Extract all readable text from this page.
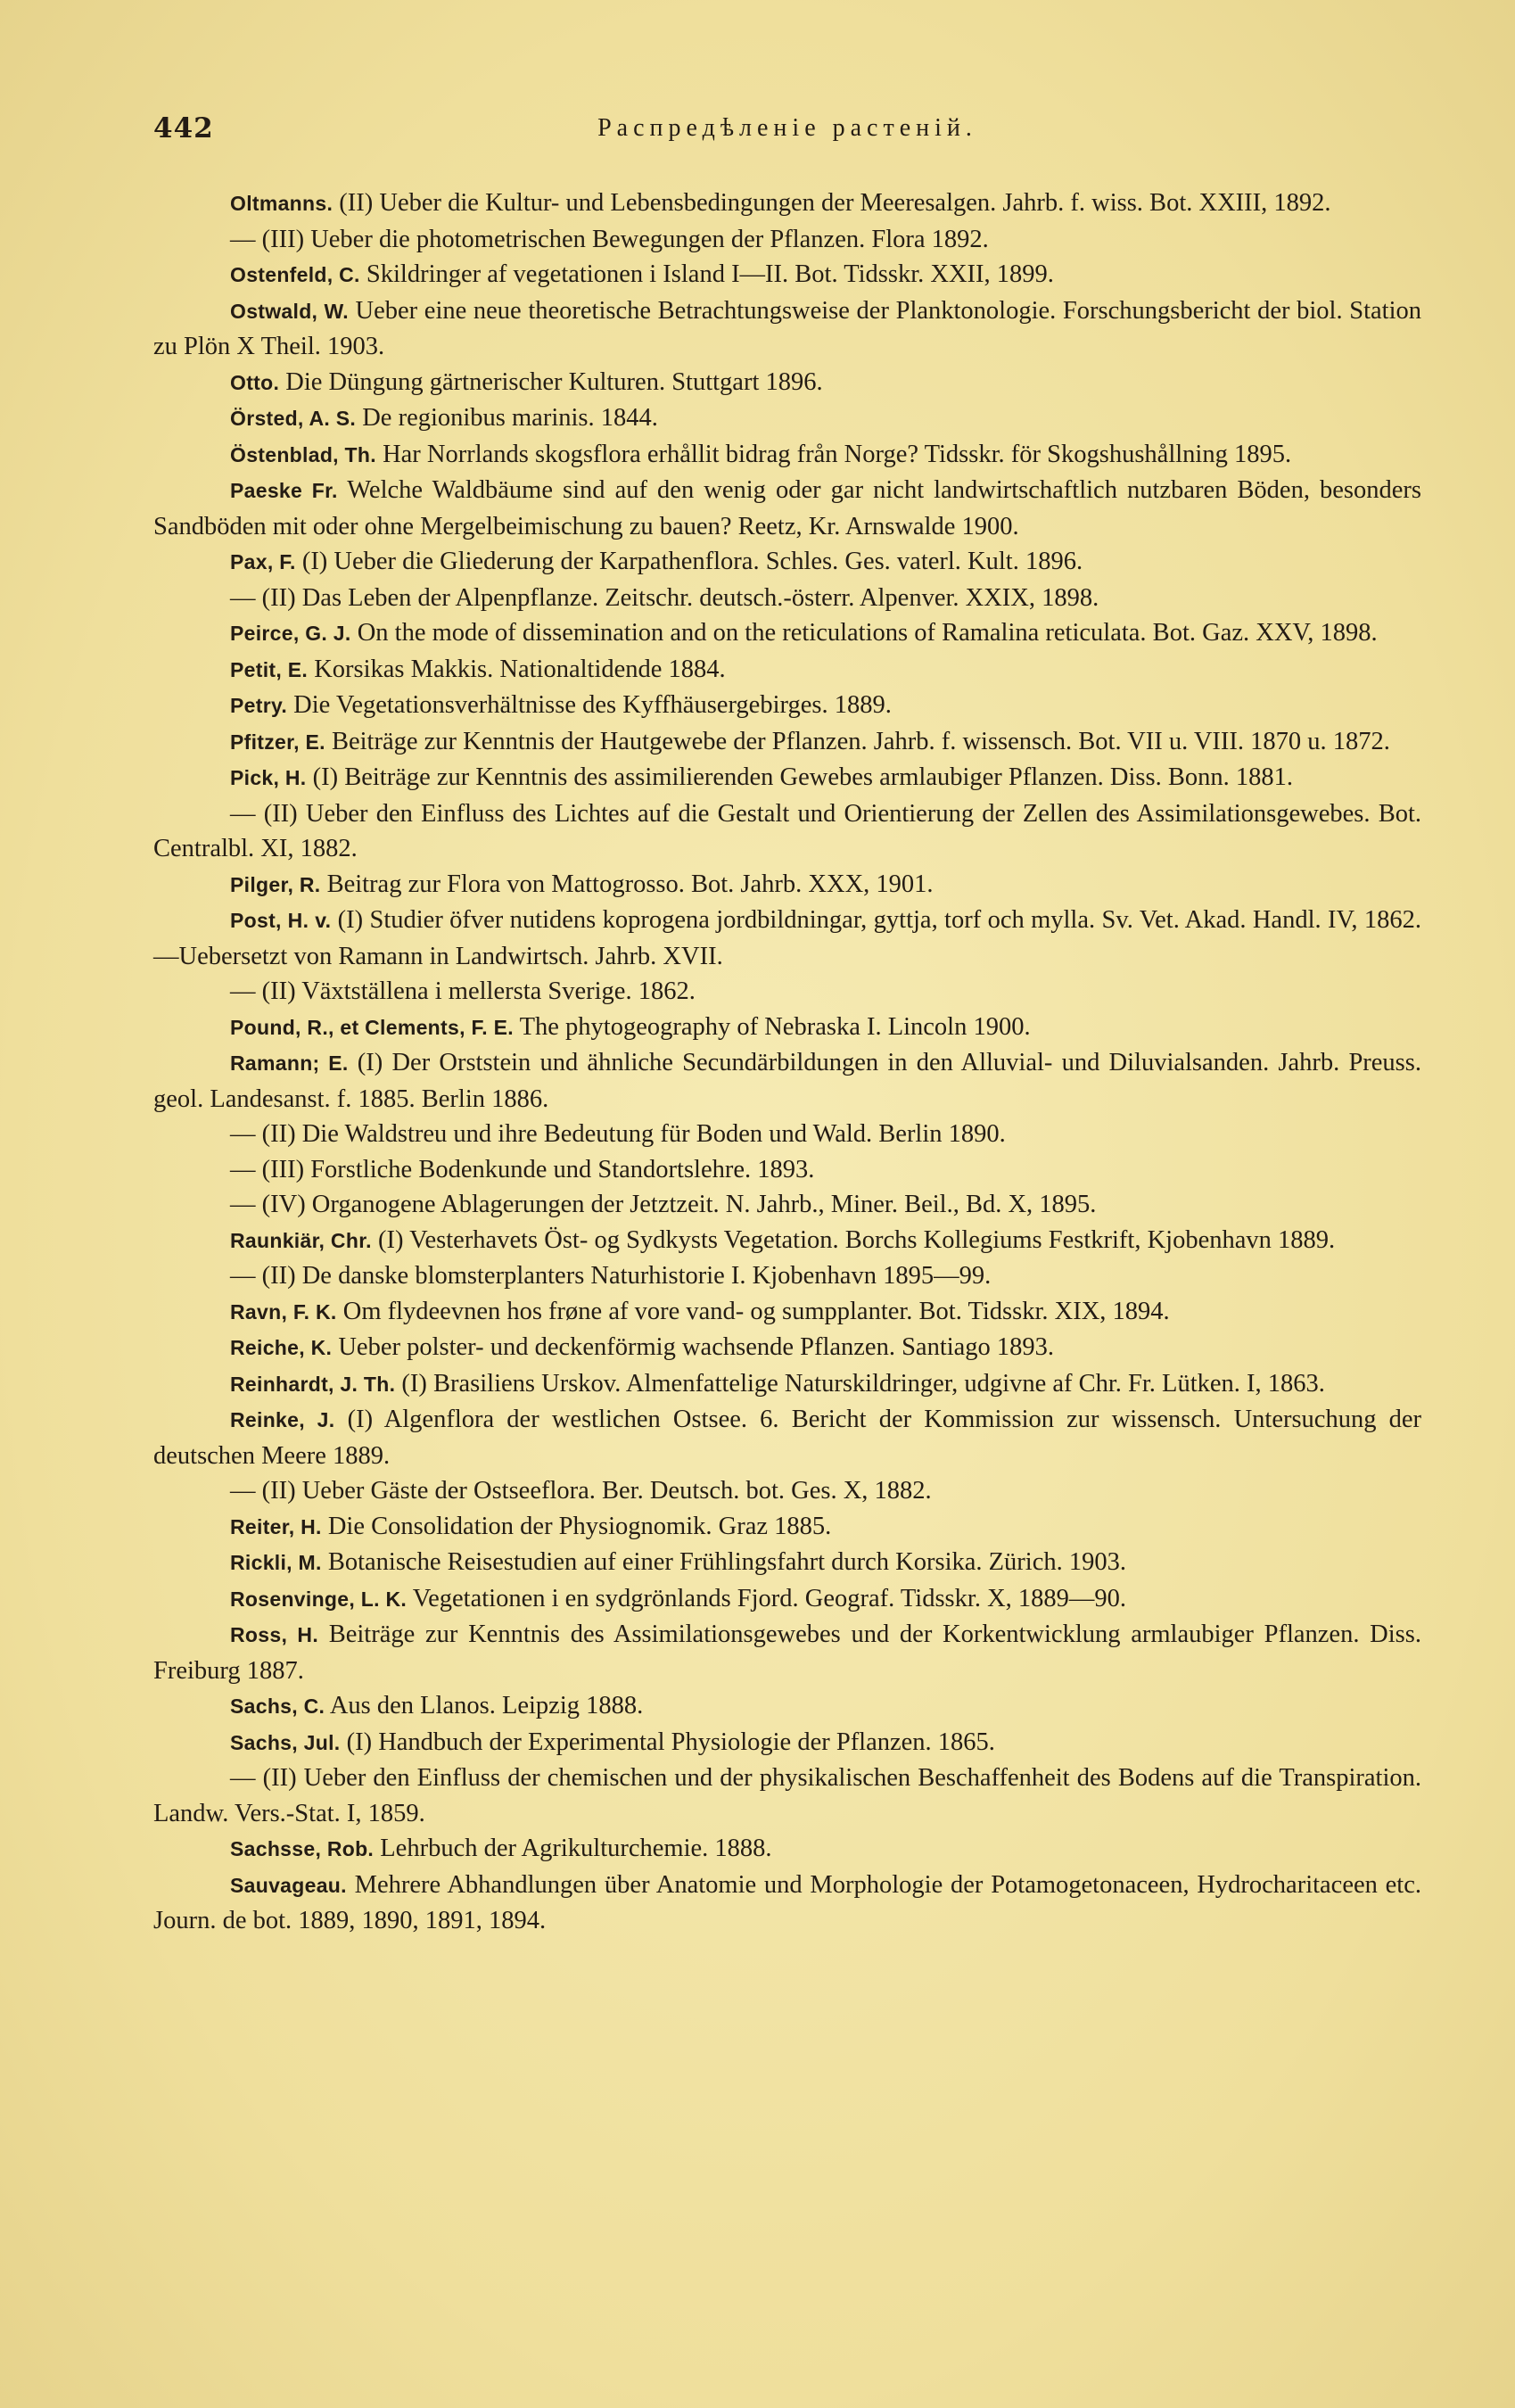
442	Распредѣленіе растеній.

Oltmanns. (II) Ueber die Kultur- und Lebensbedingungen der Meeresalgen. Jahrb. f. wiss. Bot. XXIII, 1892.

— (III) Ueber die photometrischen Bewegungen der Pflanzen. Flora 1892.

Ostenfeld, C. Skildringer af vegetationen i Island I—II. Bot. Tidsskr. XXII, 1899.

Ostwald, W. Ueber eine neue theoretische Betrachtungsweise der Planktonologie. Forschungsbericht der biol. Station zu Plön X Theil. 1903.

Otto. Die Düngung gärtnerischer Kulturen. Stuttgart 1896.

Örsted, A. S. De regionibus marinis. 1844.

Östenblad, Th. Har Norrlands skogsflora erhållit bidrag från Norge? Tidsskr. för Skogshushållning 1895.

Paeske Fr. Welche Waldbäume sind auf den wenig oder gar nicht landwirtschaftlich nutzbaren Böden, besonders Sandböden mit oder ohne Mergelbeimischung zu bauen? Reetz, Kr. Arnswalde 1900.

Pax, F. (I) Ueber die Gliederung der Karpathenflora. Schles. Ges. vaterl. Kult. 1896.

— (II) Das Leben der Alpenpflanze. Zeitschr. deutsch.-österr. Alpenver. XXIX, 1898.

Peirce, G. J. On the mode of dissemination and on the reticulations of Ramalina reticulata. Bot. Gaz. XXV, 1898.

Petit, E. Korsikas Makkis. Nationaltidende 1884.

Petry. Die Vegetationsverhältnisse des Kyffhäusergebirges. 1889.

Pfitzer, E. Beiträge zur Kenntnis der Hautgewebe der Pflanzen. Jahrb. f. wissensch. Bot. VII u. VIII. 1870 u. 1872.

Pick, H. (I) Beiträge zur Kenntnis des assimilierenden Gewebes armlaubiger Pflanzen. Diss. Bonn. 1881.

— (II) Ueber den Einfluss des Lichtes auf die Gestalt und Orientierung der Zellen des Assimilationsgewebes. Bot. Centralbl. XI, 1882.

Pilger, R. Beitrag zur Flora von Mattogrosso. Bot. Jahrb. XXX, 1901.

Post, H. v. (I) Studier öfver nutidens koprogena jordbildningar, gyttja, torf och mylla. Sv. Vet. Akad. Handl. IV, 1862.—Uebersetzt von Ramann in Landwirtsch. Jahrb. XVII.

— (II) Växtställena i mellersta Sverige. 1862.

Pound, R., et Clements, F. E. The phytogeography of Nebraska I. Lincoln 1900.

Ramann; E. (I) Der Orststein und ähnliche Secundärbildungen in den Alluvial- und Diluvialsanden. Jahrb. Preuss. geol. Landesanst. f. 1885. Berlin 1886.

— (II) Die Waldstreu und ihre Bedeutung für Boden und Wald. Berlin 1890.

— (III) Forstliche Bodenkunde und Standortslehre. 1893.

— (IV) Organogene Ablagerungen der Jetztzeit. N. Jahrb., Miner. Beil., Bd. X, 1895.

Raunkiär, Chr. (I) Vesterhavets Öst- og Sydkysts Vegetation. Borchs Kollegiums Festkrift, Kjobenhavn 1889.

— (II) De danske blomsterplanters Naturhistorie I. Kjobenhavn 1895—99.

Ravn, F. K. Om flydeevnen hos frøne af vore vand- og sumpplanter. Bot. Tidsskr. XIX, 1894.

Reiche, K. Ueber polster- und deckenförmig wachsende Pflanzen. Santiago 1893.

Reinhardt, J. Th. (I) Brasiliens Urskov. Almenfattelige Naturskildringer, udgivne af Chr. Fr. Lütken. I, 1863.

Reinke, J. (I) Algenflora der westlichen Ostsee. 6. Bericht der Kommission zur wissensch. Untersuchung der deutschen Meere 1889.

— (II) Ueber Gäste der Ostseeflora. Ber. Deutsch. bot. Ges. X, 1882.

Reiter, H. Die Consolidation der Physiognomik. Graz 1885.

Rickli, M. Botanische Reisestudien auf einer Frühlingsfahrt durch Korsika. Zürich. 1903.

Rosenvinge, L. K. Vegetationen i en sydgrönlands Fjord. Geograf. Tidsskr. X, 1889—90.

Ross, H. Beiträge zur Kenntnis des Assimilationsgewebes und der Korkentwicklung armlaubiger Pflanzen. Diss. Freiburg 1887.

Sachs, C. Aus den Llanos. Leipzig 1888.

Sachs, Jul. (I) Handbuch der Experimental Physiologie der Pflanzen. 1865.

— (II) Ueber den Einfluss der chemischen und der physikalischen Beschaffenheit des Bodens auf die Transpiration. Landw. Vers.-Stat. I, 1859.

Sachsse, Rob. Lehrbuch der Agrikulturchemie. 1888.

Sauvageau. Mehrere Abhandlungen über Anatomie und Morphologie der Potamogetonaceen, Hydrocharitaceen etc. Journ. de bot. 1889, 1890, 1891, 1894.
